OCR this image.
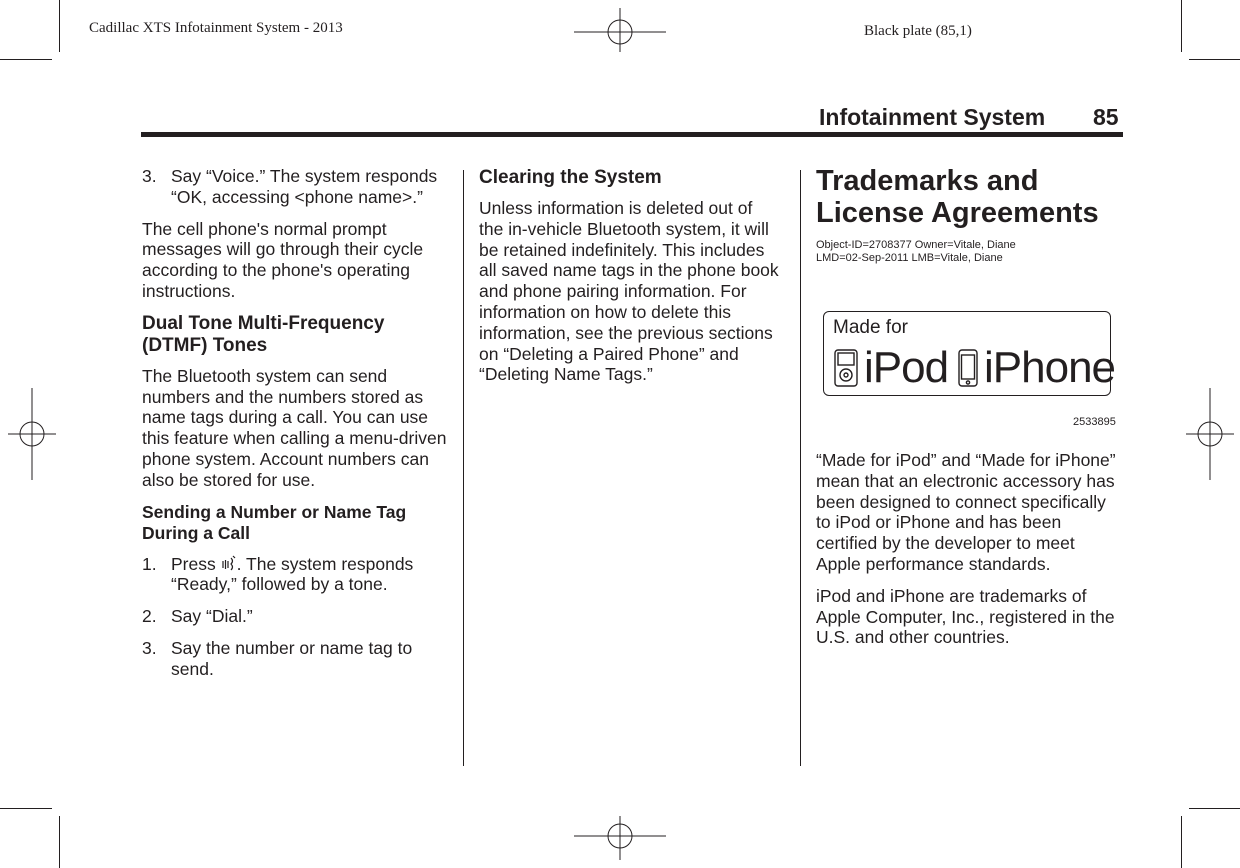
Cadillac XTS Infotainment System - 2013	Black plate (85,1)
Infotainment System 85
3. Say “Voice.” The system responds “OK, accessing <phone name>.”

The cell phone's normal prompt messages will go through their cycle according to the phone's operating instructions.

Dual Tone Multi-Frequency (DTMF) Tones

The Bluetooth system can send numbers and the numbers stored as name tags during a call. You can use this feature when calling a menu-driven phone system. Account numbers can also be stored for use.

Sending a Number or Name Tag During a Call
1. Press . The system responds “Ready,” followed by a tone.
2. Say “Dial.”
3. Say the number or name tag to send.
Clearing the System

Unless information is deleted out of the in-vehicle Bluetooth system, it will be retained indefinitely. This includes all saved name tags in the phone book and phone pairing information. For information on how to delete this information, see the previous sections on “Deleting a Paired Phone” and “Deleting Name Tags.”

Trademarks and License Agreements
Object-ID=2708377 Owner=Vitale, Diane
LMD=02-Sep-2011 LMB=Vitale, Diane
Made for
iPod iPhone
2533895

“Made for iPod” and “Made for iPhone” mean that an electronic accessory has been designed to connect specifically to iPod or iPhone and has been certified by the developer to meet Apple performance standards.

iPod and iPhone are trademarks of Apple Computer, Inc., registered in the U.S. and other countries.
